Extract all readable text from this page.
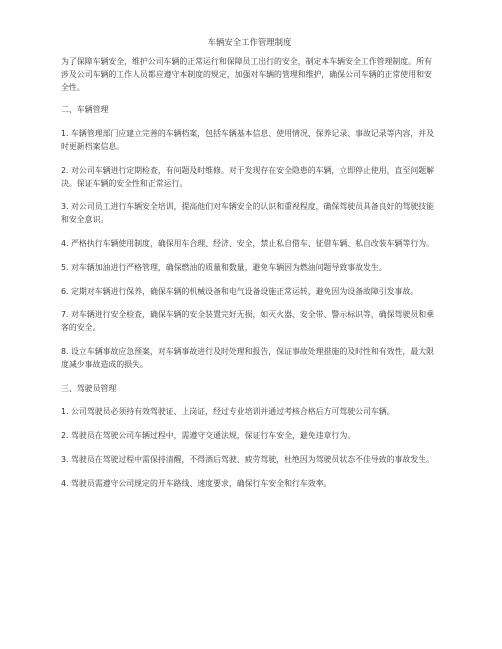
车辆安全工作管理制度
为了保障车辆安全，维护公司车辆的正常运行和保障员工出行的安全，制定本车辆安全工作管理制度。所有涉及公司车辆的工作人员都应遵守本制度的规定，加强对车辆的管理和维护，确保公司车辆的正常使用和安全性。
二、车辆管理
1. 车辆管理部门应建立完善的车辆档案，包括车辆基本信息、使用情况、保养记录、事故记录等内容，并及时更新档案信息。
2. 对公司车辆进行定期检查，有问题及时维修。对于发现存在安全隐患的车辆，立即停止使用，直至问题解决。保证车辆的安全性和正常运行。
3. 对公司员工进行车辆安全培训，提高他们对车辆安全的认识和重视程度，确保驾驶员具备良好的驾驶技能和安全意识。
4. 严格执行车辆使用制度，确保用车合理、经济、安全，禁止私自借车、征借车辆、私自改装车辆等行为。
5. 对车辆加油进行严格管理，确保燃油的质量和数量，避免车辆因为燃油问题导致事故发生。
6. 定期对车辆进行保养，确保车辆的机械设备和电气设备设施正常运转，避免因为设备故障引发事故。
7. 对车辆进行安全检查，确保车辆的安全装置完好无损，如灭火器、安全带、警示标识等，确保驾驶员和乘客的安全。
8. 设立车辆事故应急预案，对车辆事故进行及时处理和报告，保证事故处理措施的及时性和有效性，最大限度减少事故造成的损失。
三、驾驶员管理
1. 公司驾驶员必须持有效驾驶证、上岗证，经过专业培训并通过考核合格后方可驾驶公司车辆。
2. 驾驶员在驾驶公司车辆过程中，需遵守交通法规，保证行车安全，避免违章行为。
3. 驾驶员在驾驶过程中需保持清醒，不得酒后驾驶、疲劳驾驶，杜绝因为驾驶员状态不佳导致的事故发生。
4. 驾驶员需遵守公司规定的开车路线、速度要求，确保行车安全和行车效率。
